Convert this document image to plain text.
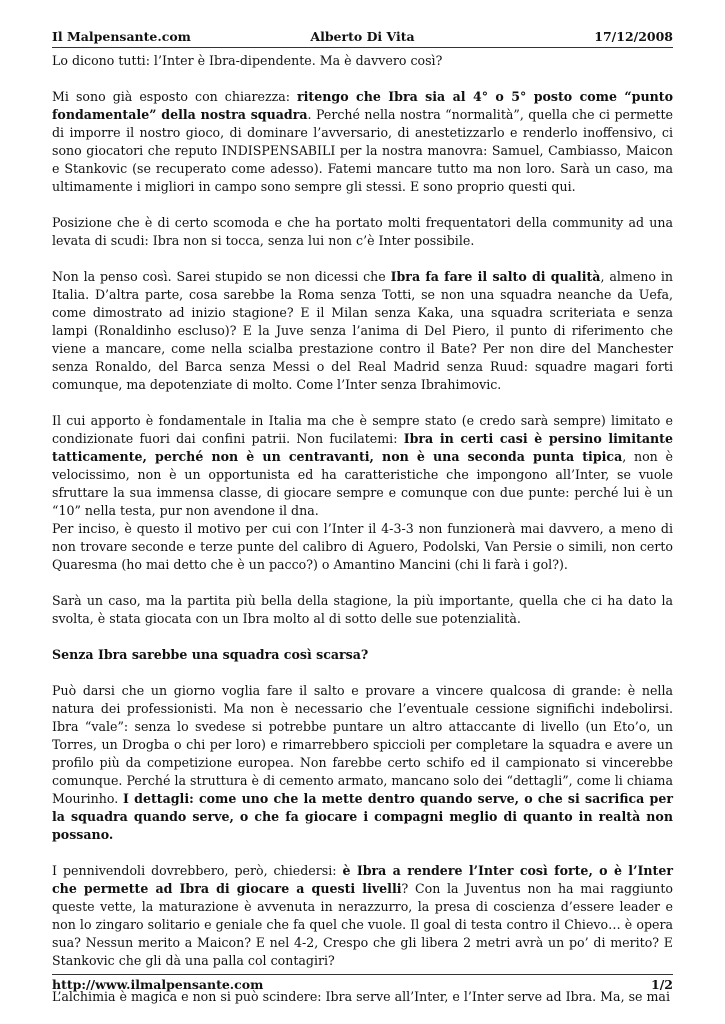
Il Malpensante.com	Alberto Di Vita	17/12/2008

Lo dicono tutti: l’Inter è Ibra-dipendente. Ma è davvero così?

Mi sono già esposto con chiarezza: ritengo che Ibra sia al 4° o 5° posto come “punto fondamentale” della nostra squadra. Perché nella nostra “normalità”, quella che ci permette di imporre il nostro gioco, di dominare l’avversario, di anestetizzarlo e renderlo inoffensivo, ci sono giocatori che reputo INDISPENSABILI per la nostra manovra: Samuel, Cambiasso, Maicon e Stankovic (se recuperato come adesso). Fatemi mancare tutto ma non loro. Sarà un caso, ma ultimamente i migliori in campo sono sempre gli stessi. E sono proprio questi qui.

Posizione che è di certo scomoda e che ha portato molti frequentatori della community ad una levata di scudi: Ibra non si tocca, senza lui non c’è Inter possibile.

Non la penso così. Sarei stupido se non dicessi che Ibra fa fare il salto di qualità, almeno in Italia. D’altra parte, cosa sarebbe la Roma senza Totti, se non una squadra neanche da Uefa, come dimostrato ad inizio stagione? E il Milan senza Kaka, una squadra scriteriata e senza lampi (Ronaldinho escluso)? E la Juve senza l’anima di Del Piero, il punto di riferimento che viene a mancare, come nella scialba prestazione contro il Bate? Per non dire del Manchester senza Ronaldo, del Barca senza Messi o del Real Madrid senza Ruud: squadre magari forti comunque, ma depotenziate di molto. Come l’Inter senza Ibrahimovic.

Il cui apporto è fondamentale in Italia ma che è sempre stato (e credo sarà sempre) limitato e condizionate fuori dai confini patrii. Non fucilatemi: Ibra in certi casi è persino limitante tatticamente, perché non è un centravanti, non è una seconda punta tipica, non è velocissimo, non è un opportunista ed ha caratteristiche che impongono all’Inter, se vuole sfruttare la sua immensa classe, di giocare sempre e comunque con due punte: perché lui è un “10” nella testa, pur non avendone il dna.

Per inciso, è questo il motivo per cui con l’Inter il 4-3-3 non funzionerà mai davvero, a meno di non trovare seconde e terze punte del calibro di Aguero, Podolski, Van Persie o simili, non certo Quaresma (ho mai detto che è un pacco?) o Amantino Mancini (chi li farà i gol?).

Sarà un caso, ma la partita più bella della stagione, la più importante, quella che ci ha dato la svolta, è stata giocata con un Ibra molto al di sotto delle sue potenzialità.

Senza Ibra sarebbe una squadra così scarsa?

Può darsi che un giorno voglia fare il salto e provare a vincere qualcosa di grande: è nella natura dei professionisti. Ma non è necessario che l’eventuale cessione significhi indebolirsi. Ibra “vale”: senza lo svedese si potrebbe puntare un altro attaccante di livello (un Eto’o, un Torres, un Drogba o chi per loro) e rimarrebbero spiccioli per completare la squadra e avere un profilo più da competizione europea. Non farebbe certo schifo ed il campionato si vincerebbe comunque. Perché la struttura è di cemento armato, mancano solo dei “dettagli”, come li chiama Mourinho. I dettagli: come uno che la mette dentro quando serve, o che si sacrifica per la squadra quando serve, o che fa giocare i compagni meglio di quanto in realtà non possano.

I pennivendoli dovrebbero, però, chiedersi: è Ibra a rendere l’Inter così forte, o è l’Inter che permette ad Ibra di giocare a questi livelli? Con la Juventus non ha mai raggiunto queste vette, la maturazione è avvenuta in nerazzurro, la presa di coscienza d’essere leader e non lo zingaro solitario e geniale che fa quel che vuole. Il goal di testa contro il Chievo… è opera sua? Nessun merito a Maicon? E nel 4-2, Crespo che gli libera 2 metri avrà un po’ di merito? E Stankovic che gli dà una palla col contagiri?

L’alchimia è magica e non si può scindere: Ibra serve all’Inter, e l’Inter serve ad Ibra. Ma, se mai

http://www.ilmalpensante.com	1/2
